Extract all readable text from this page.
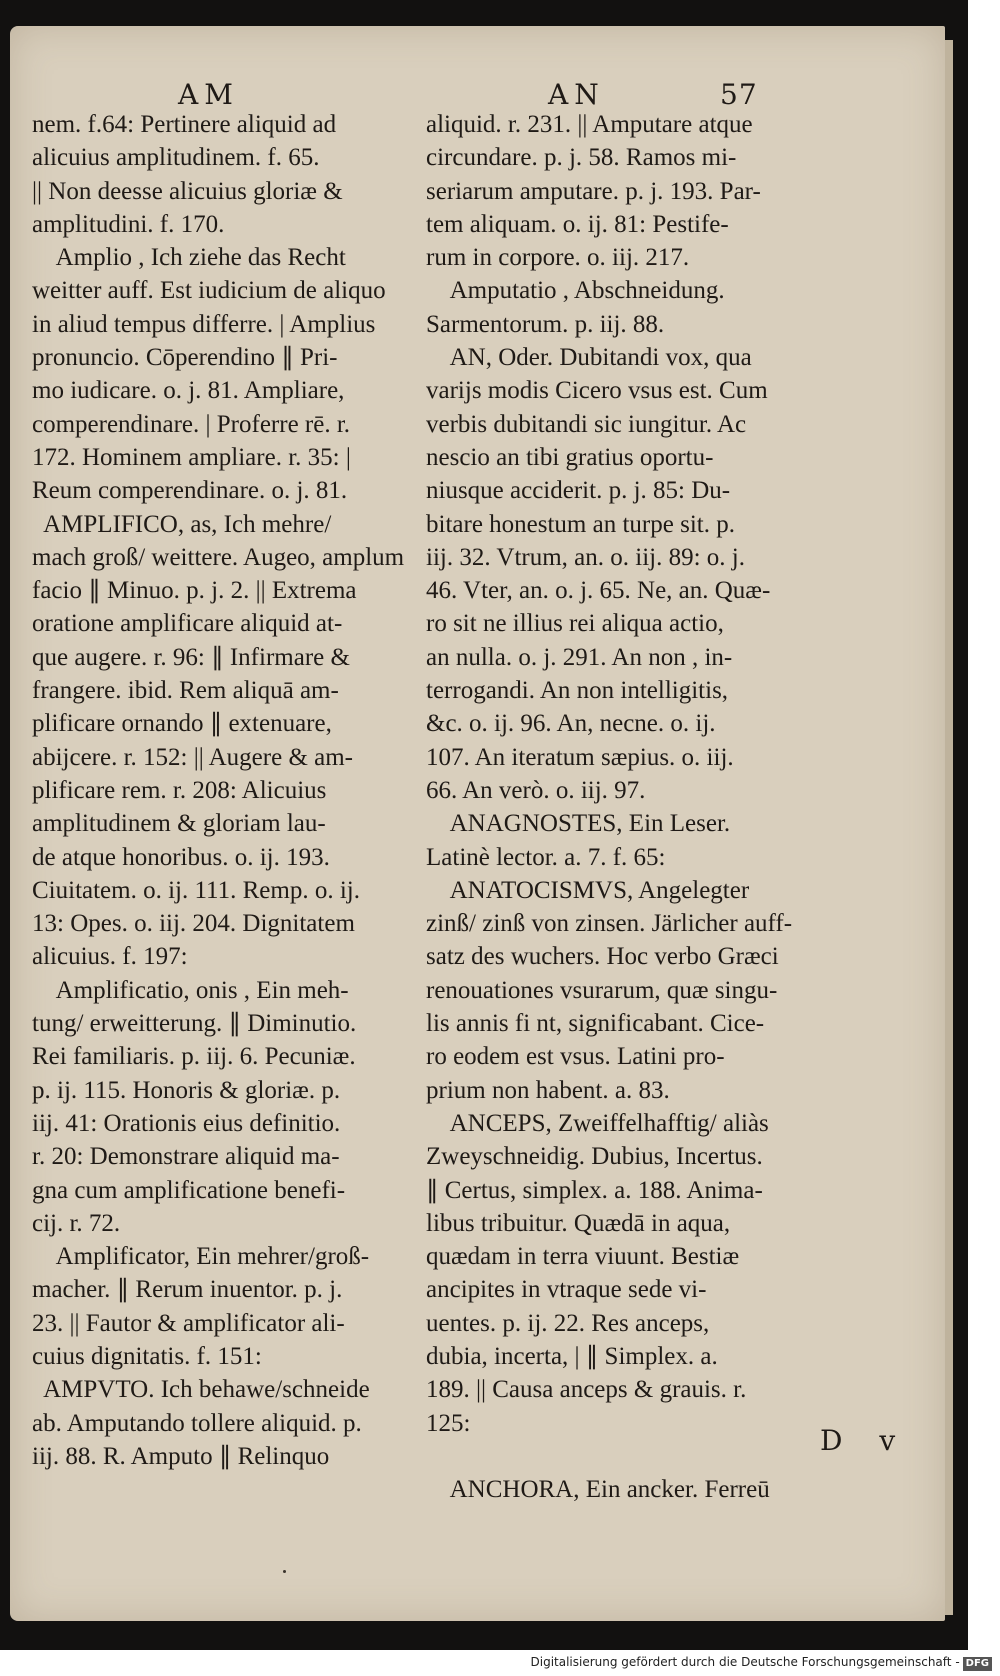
AM	AN	57

nem. f.64: Pertinere aliquid ad

alicuius amplitudinem. f. 65.

|| Non deesse alicuius gloriæ &

amplitudini. f. 170.

Amplio , Ich ziehe das Recht

weitter auff. Est iudicium de aliquo

in aliud tempus differre. | Amplius

pronuncio. Cōperendino ∥ Pri-

mo iudicare. o. j. 81. Ampliare,

comperendinare. | Proferre rē. r.

172. Hominem ampliare. r. 35: |

Reum comperendinare. o. j. 81.

AMPLIFICO, as, Ich mehre/

mach groß/ weittere. Augeo, amplum

facio ∥ Minuo. p. j. 2. || Extrema

oratione amplificare aliquid at-

que augere. r. 96: ∥ Infirmare &

frangere. ibid. Rem aliquā am-

plificare ornando ∥ extenuare,

abijcere. r. 152: || Augere & am-

plificare rem. r. 208: Alicuius

amplitudinem & gloriam lau-

de atque honoribus. o. ij. 193.

Ciuitatem. o. ij. 111. Remp. o. ij.

13: Opes. o. iij. 204. Dignitatem

alicuius. f. 197:

Amplificatio, onis , Ein meh-

tung/ erweitterung. ∥ Diminutio.

Rei familiaris. p. iij. 6. Pecuniæ.

p. ij. 115. Honoris & gloriæ. p.

iij. 41: Orationis eius definitio.

r. 20: Demonstrare aliquid ma-

gna cum amplificatione benefi-

cij. r. 72.

Amplificator, Ein mehrer/groß-

macher. ∥ Rerum inuentor. p. j.

23. || Fautor & amplificator ali-

cuius dignitatis. f. 151:

AMPVTO. Ich behawe/schneide

ab. Amputando tollere aliquid. p.

iij. 88. R. Amputo ∥ Relinquo

aliquid. r. 231. || Amputare atque

circundare. p. j. 58. Ramos mi-

seriarum amputare. p. j. 193. Par-

tem aliquam. o. ij. 81: Pestife-

rum in corpore. o. iij. 217.

Amputatio , Abschneidung.

Sarmentorum. p. iij. 88.

AN, Oder. Dubitandi vox, qua

varijs modis Cicero vsus est. Cum

verbis dubitandi sic iungitur. Ac

nescio an tibi gratius oportu-

niusque acciderit. p. j. 85: Du-

bitare honestum an turpe sit. p.

iij. 32. Vtrum, an. o. iij. 89: o. j.

46. Vter, an. o. j. 65. Ne, an. Quæ-

ro sit ne illius rei aliqua actio,

an nulla. o. j. 291. An non , in-

terrogandi. An non intelligitis,

&c. o. ij. 96. An, necne. o. ij.

107. An iteratum sæpius. o. iij.

66. An verò. o. iij. 97.

ANAGNOSTES, Ein Leser.

Latinè lector. a. 7. f. 65:

ANATOCISMVS, Angelegter

zinß/ zinß von zinsen. Järlicher auff-

satz des wuchers. Hoc verbo Græci

renouationes vsurarum, quæ singu-

lis annis fi nt, significabant. Cice-

ro eodem est vsus. Latini pro-

prium non habent. a. 83.

ANCEPS, Zweiffelhafftig/ aliàs

Zweyschneidig. Dubius, Incertus.

∥ Certus, simplex. a. 188. Anima-

libus tribuitur. Quædā in aqua,

quædam in terra viuunt. Bestiæ

ancipites in vtraque sede vi-

uentes. p. ij. 22. Res anceps,

dubia, incerta, | ∥ Simplex. a.

189. || Causa anceps & grauis. r.

125:

ANCHORA, Ein ancker. Ferreū

D v
Digitalisierung gefördert durch die Deutsche Forschungsgemeinschaft - DFG
